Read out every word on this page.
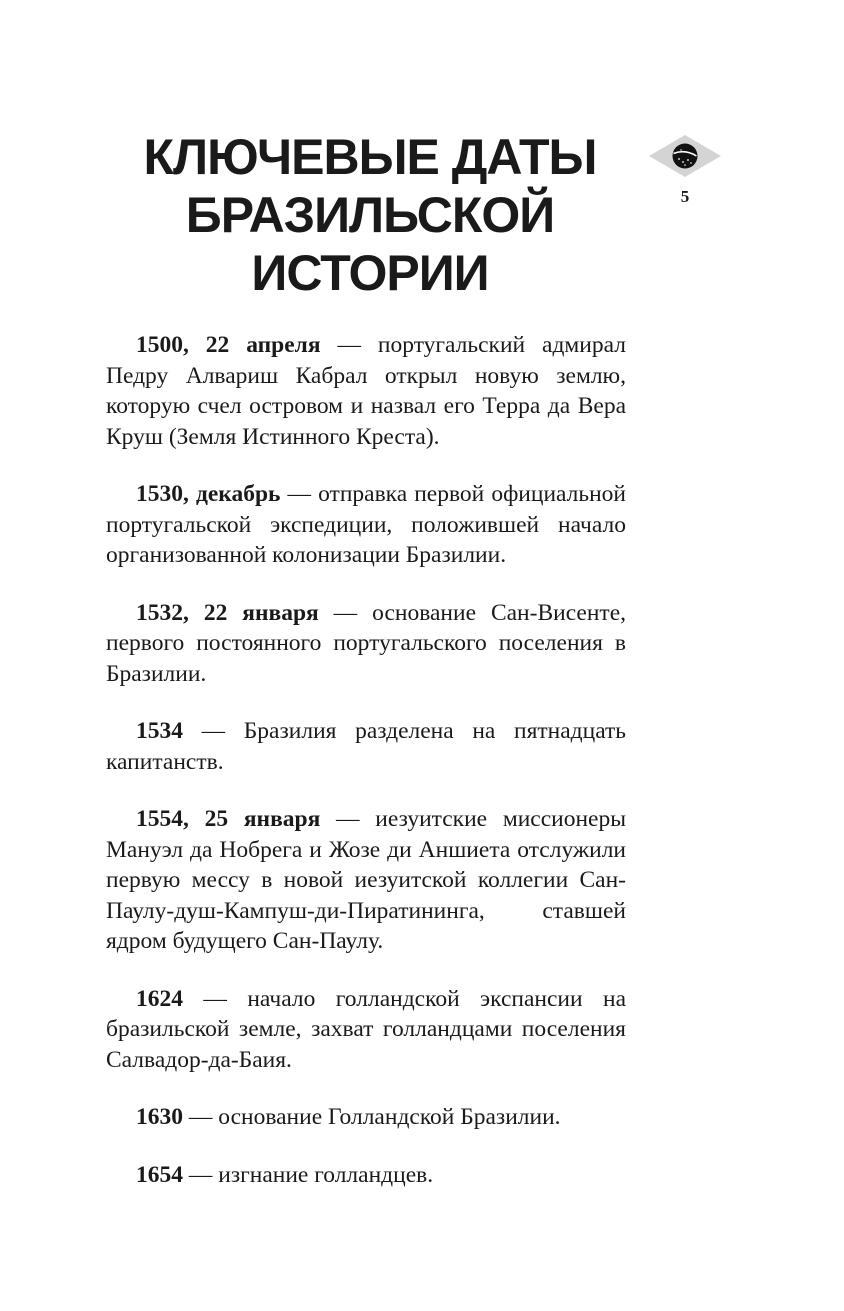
КЛЮЧЕВЫЕ ДАТЫ
БРАЗИЛЬСКОЙ
ИСТОРИИ
5

1500, 22 апреля — португальский адмирал Педру Алвариш Кабрал открыл новую землю, которую счел островом и назвал его Терра да Вера Круш (Земля Истинного Креста).

1530, декабрь — отправка первой официальной португальской экспедиции, положившей начало организованной колонизации Бразилии.

1532, 22 января — основание Сан-Висенте, первого постоянного португальского поселения в Бразилии.

1534 — Бразилия разделена на пятнадцать капитанств.

1554, 25 января — иезуитские миссионеры Мануэл да Нобрега и Жозе ди Аншиета отслужили первую мессу в новой иезуитской коллегии Сан-Паулу-душ-Кампуш-ди-Пиратининга, ставшей ядром будущего Сан-Паулу.

1624 — начало голландской экспансии на бразильской земле, захват голландцами поселения Салвадор-да-Баия.

1630 — основание Голландской Бразилии.

1654 — изгнание голландцев.
